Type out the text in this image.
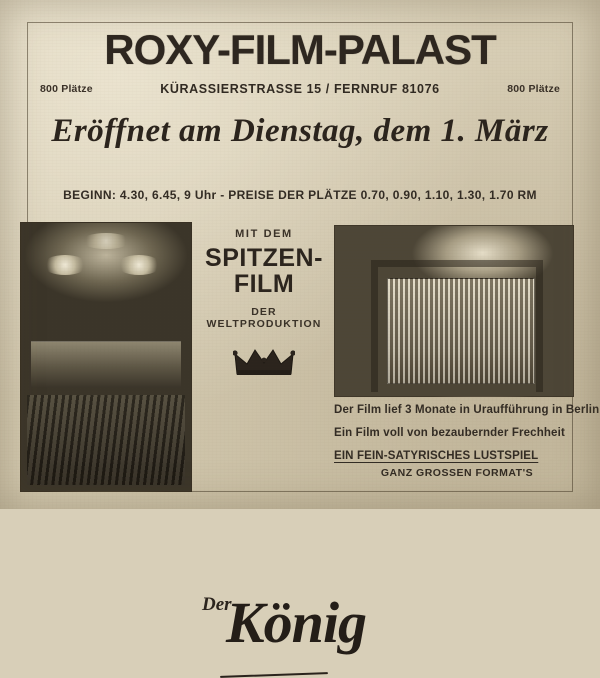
ROXY-FILM-PALAST
800 Plätze	800 Plätze
KÜRASSIERSTRASSE 15 / FERNRUF 81076
Eröffnet am Dienstag, dem 1. März
BEGINN: 4.30, 6.45, 9 Uhr - PREISE DER PLÄTZE 0.70, 0.90, 1.10, 1.30, 1.70 RM
MIT DEM
SPITZEN-
FILM
DER WELTPRODUKTION
Der
König
Der Film lief 3 Monate in Uraufführung in Berlin
Ein Film voll von bezaubernder Frechheit
EIN FEIN-SATYRISCHES LUSTSPIEL
GANZ GROSSEN FORMAT'S
